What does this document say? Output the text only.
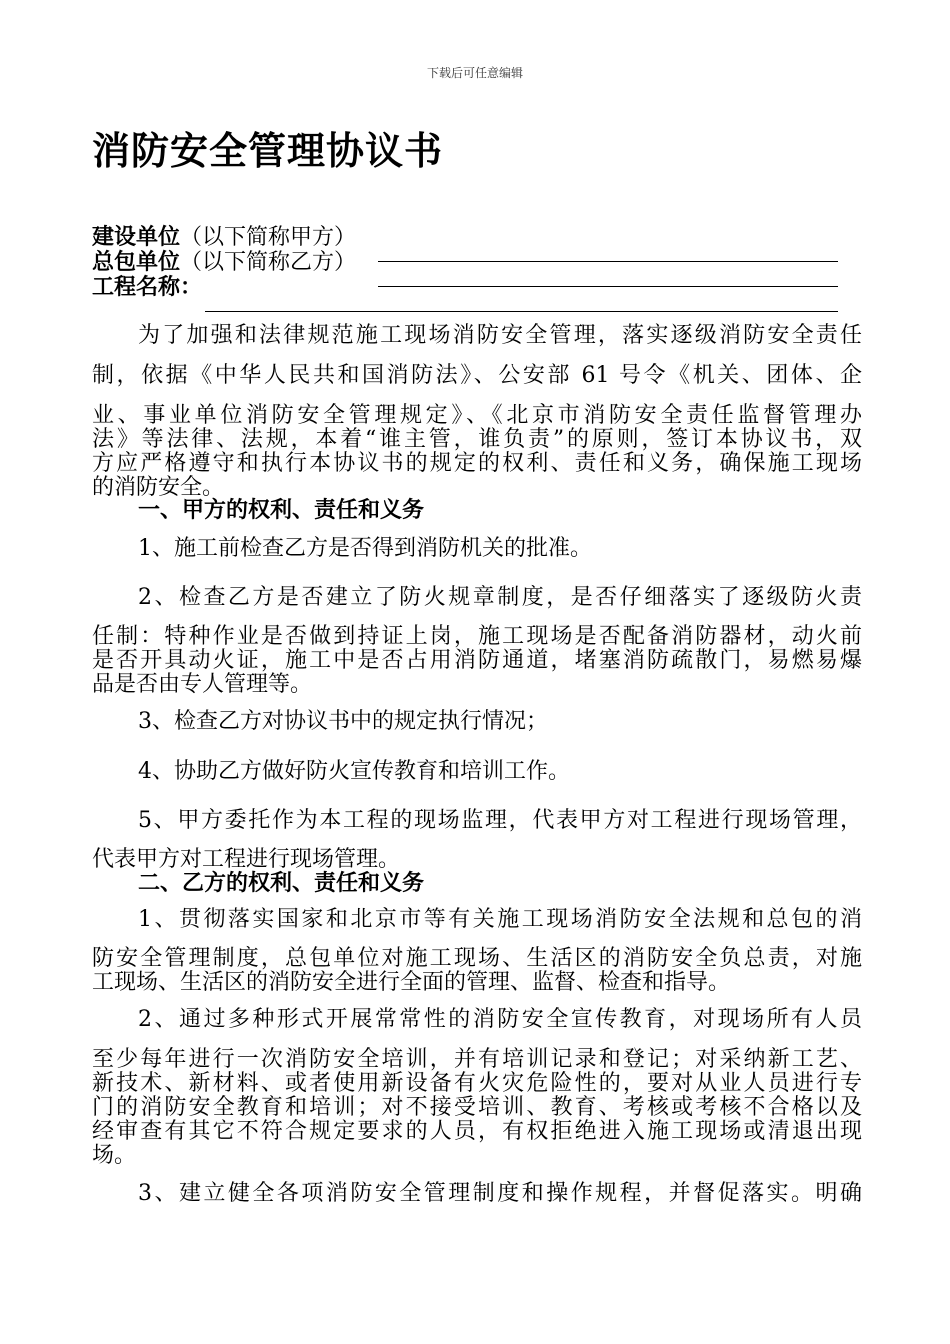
下载后可任意编辑
消防安全管理协议书
建设单位（以下简称甲方）
总包单位（以下简称乙方）
工程名称：
为了加强和法律规范施工现场消防安全管理，落实逐级消防安全责任
制，依据《中华人民共和国消防法》、公安部 61 号令《机关、团体、企
业、事业单位消防安全管理规定》、《北京市消防安全责任监督管理办
法》等法律、法规，本着“谁主管，谁负责”的原则，签订本协议书，双
方应严格遵守和执行本协议书的规定的权利、责任和义务，确保施工现场
的消防安全。
一、甲方的权利、责任和义务
1、施工前检查乙方是否得到消防机关的批准。
2、检查乙方是否建立了防火规章制度，是否仔细落实了逐级防火责
任制：特种作业是否做到持证上岗，施工现场是否配备消防器材，动火前
是否开具动火证，施工中是否占用消防通道，堵塞消防疏散门，易燃易爆
品是否由专人管理等。
3、检查乙方对协议书中的规定执行情况；
4、协助乙方做好防火宣传教育和培训工作。
5、甲方委托作为本工程的现场监理，代表甲方对工程进行现场管理，
代表甲方对工程进行现场管理。
二、乙方的权利、责任和义务
1、贯彻落实国家和北京市等有关施工现场消防安全法规和总包的消
防安全管理制度，总包单位对施工现场、生活区的消防安全负总责，对施
工现场、生活区的消防安全进行全面的管理、监督、检查和指导。
2、通过多种形式开展常常性的消防安全宣传教育，对现场所有人员
至少每年进行一次消防安全培训，并有培训记录和登记；对采纳新工艺、
新技术、新材料、或者使用新设备有火灾危险性的，要对从业人员进行专
门的消防安全教育和培训；对不接受培训、教育、考核或考核不合格以及
经审查有其它不符合规定要求的人员，有权拒绝进入施工现场或清退出现
场。
3、建立健全各项消防安全管理制度和操作规程，并督促落实。明确
